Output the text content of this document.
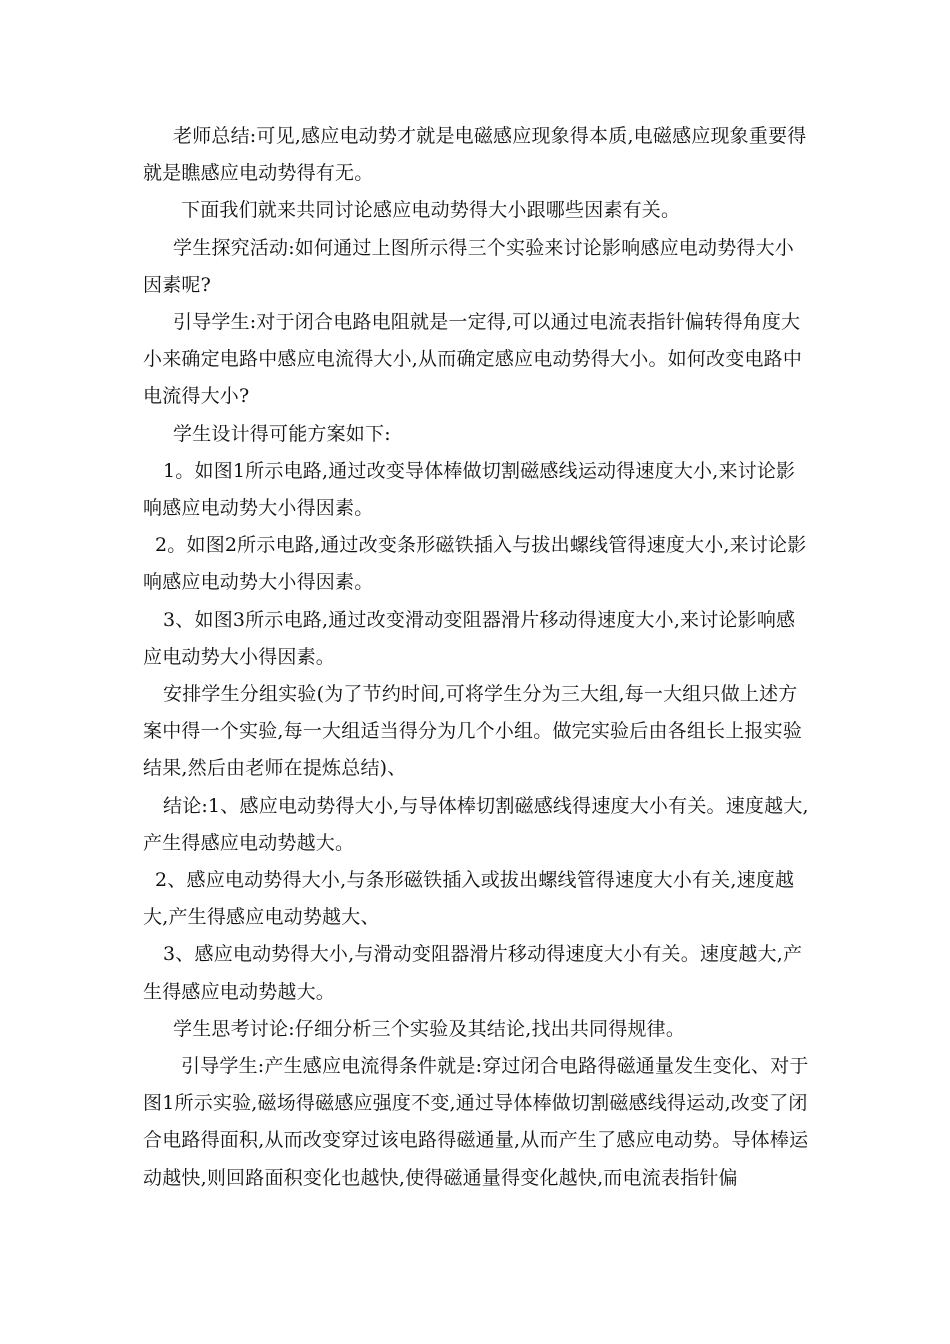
老师总结:可见,感应电动势才就是电磁感应现象得本质,电磁感应现象重要得就是瞧感应电动势得有无。

下面我们就来共同讨论感应电动势得大小跟哪些因素有关。

学生探究活动:如何通过上图所示得三个实验来讨论影响感应电动势得大小因素呢?

引导学生:对于闭合电路电阻就是一定得,可以通过电流表指针偏转得角度大小来确定电路中感应电流得大小,从而确定感应电动势得大小。如何改变电路中电流得大小?

学生设计得可能方案如下:

1。如图1所示电路,通过改变导体棒做切割磁感线运动得速度大小,来讨论影响感应电动势大小得因素。

2。如图2所示电路,通过改变条形磁铁插入与拔出螺线管得速度大小,来讨论影响感应电动势大小得因素。

3、如图3所示电路,通过改变滑动变阻器滑片移动得速度大小,来讨论影响感应电动势大小得因素。

安排学生分组实验(为了节约时间,可将学生分为三大组,每一大组只做上述方案中得一个实验,每一大组适当得分为几个小组。做完实验后由各组长上报实验结果,然后由老师在提炼总结)、

结论:1、感应电动势得大小,与导体棒切割磁感线得速度大小有关。速度越大,产生得感应电动势越大。

2、感应电动势得大小,与条形磁铁插入或拔出螺线管得速度大小有关,速度越大,产生得感应电动势越大、

3、感应电动势得大小,与滑动变阻器滑片移动得速度大小有关。速度越大,产生得感应电动势越大。

学生思考讨论:仔细分析三个实验及其结论,找出共同得规律。

引导学生:产生感应电流得条件就是:穿过闭合电路得磁通量发生变化、对于图1所示实验,磁场得磁感应强度不变,通过导体棒做切割磁感线得运动,改变了闭合电路得面积,从而改变穿过该电路得磁通量,从而产生了感应电动势。导体棒运动越快,则回路面积变化也越快,使得磁通量得变化越快,而电流表指针偏
